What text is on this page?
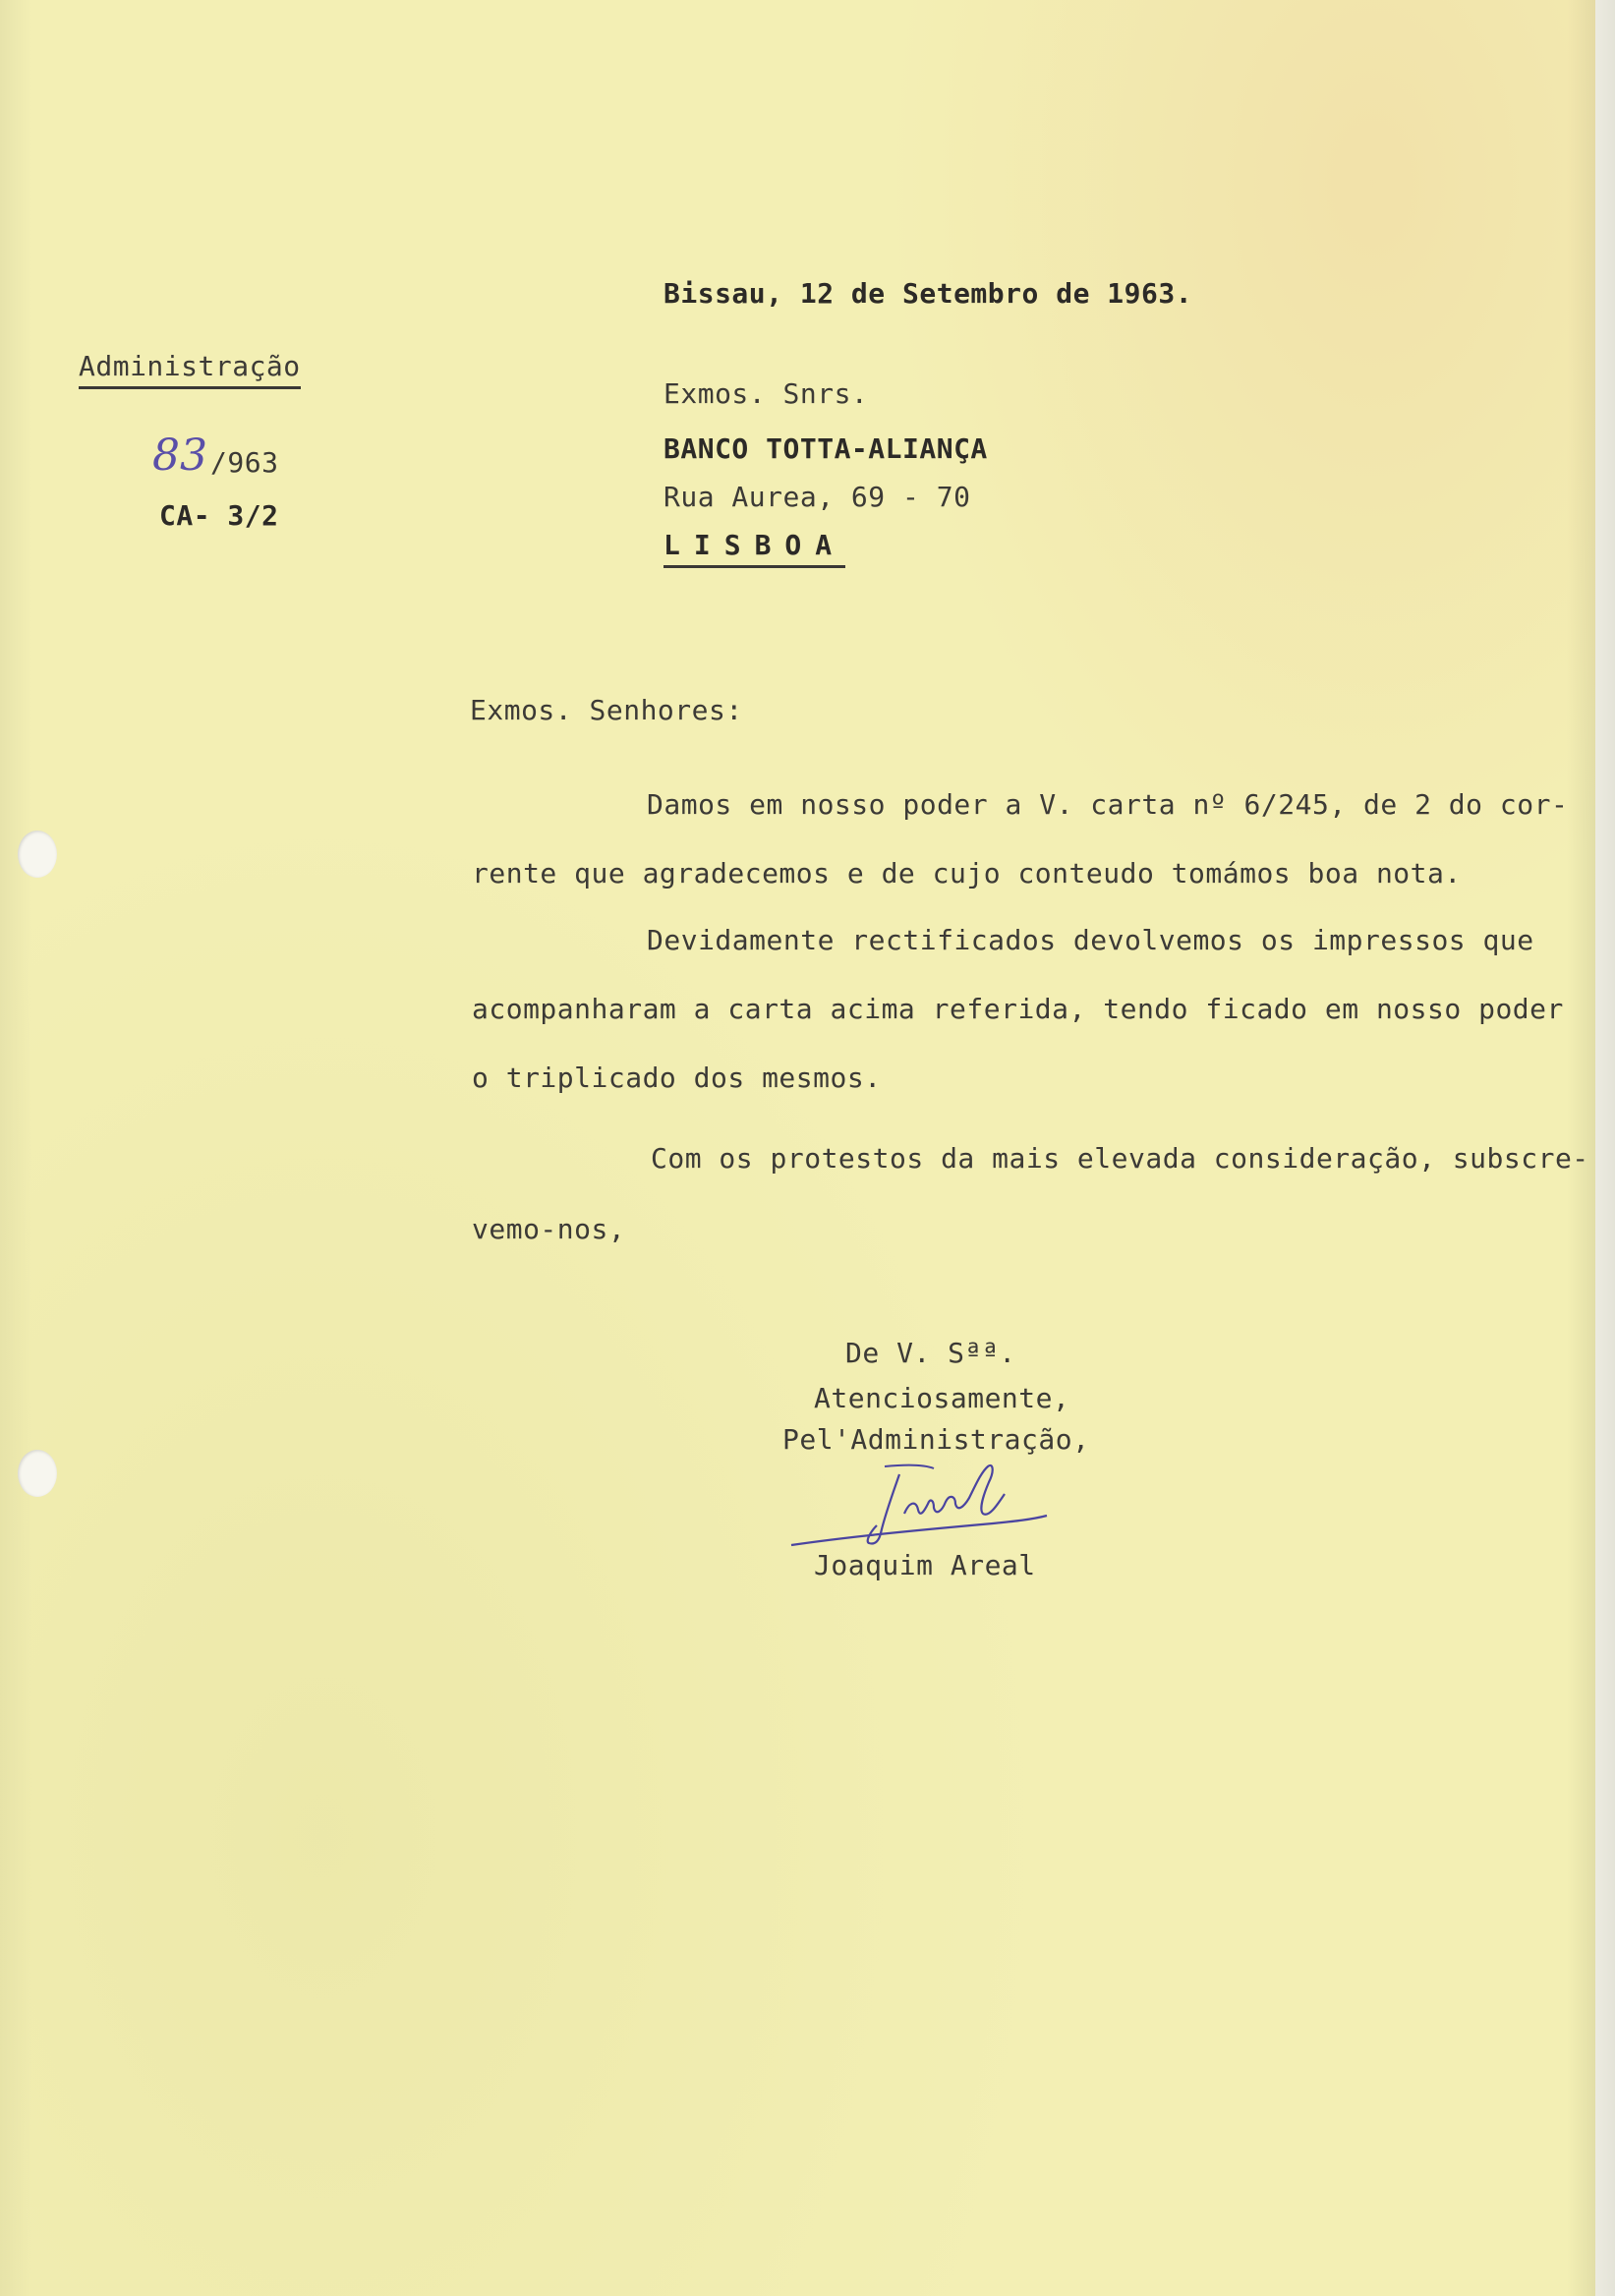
Bissau, 12 de Setembro de 1963.
Administração
83 /963
CA- 3/2
Exmos. Snrs.
BANCO TOTTA-ALIANÇA
Rua Aurea, 69 - 70
LISBOA
Exmos. Senhores:
Damos em nosso poder a V. carta nº 6/245, de 2 do cor-
rente que agradecemos e de cujo conteudo tomámos boa nota.
Devidamente rectificados devolvemos os impressos que
acompanharam a carta acima referida, tendo ficado em nosso poder
o triplicado dos mesmos.
Com os protestos da mais elevada consideração, subscre-
vemo-nos,
De V. Sªª.
Atenciosamente,
Pel'Administração,
Joaquim Areal
